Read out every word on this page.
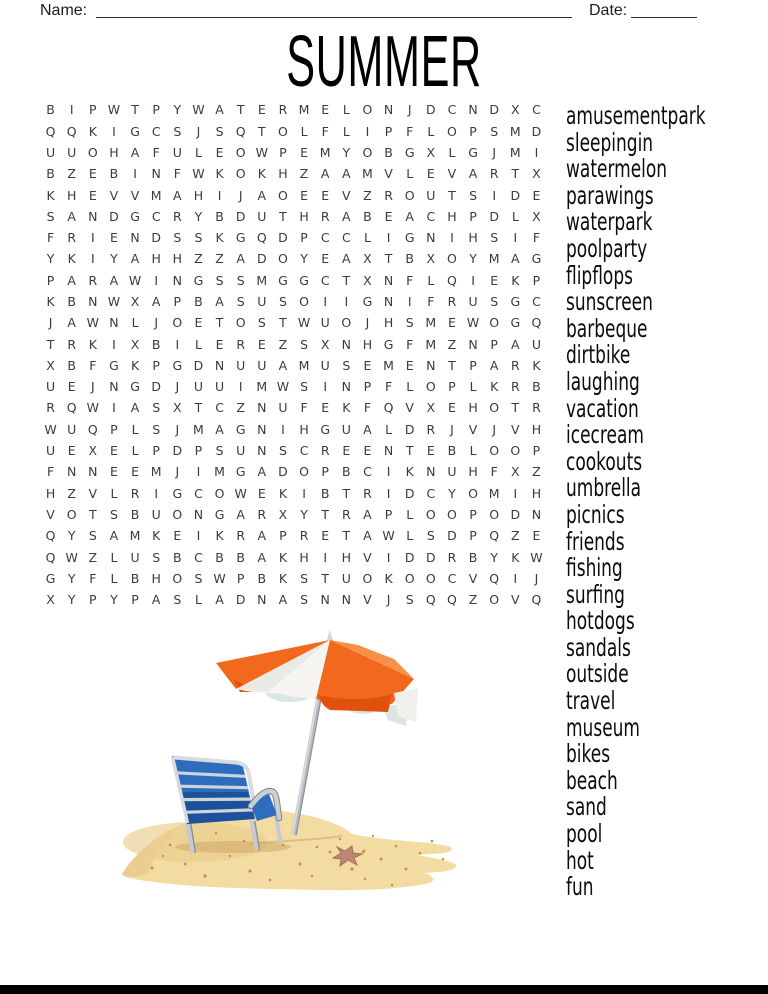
Name:	Date:
SUMMER
B	I	P W T	P	Y W A	T	E	R M E	L	O N	J	D C N D X C
Q Q K	I	G C	S	J	S Q T O	L	F	L	I	P	F	L	O P	S M D
U U O H A	F	U	L	E O W P	E M Y O B G X	L	G	J	M	I
B	Z	E	B	I	N	F W K O K H Z	A	A M V	L	E	V	A	R	T	X
K H E	V	V M A H	I	J	A O E	E	V	Z	R O U	T	S	I	D E
S	A N D G C R	Y	B D U	T	H R	A	B	E	A C H	P	D	L	X
F	R	I	E N D S	S	K G Q D	P	C C	L	I	G N	I	H S	I	F
Y	K	I	Y	A H H Z	Z	A D O Y	E	A	X	T	B	X O Y M A G
P	A	R	A W	I	N G S	S M G G C	T	X N	F	L	Q	I	E	K	P
K	B N W X	A	P	B	A	S	U	S O	I	I	G N	I	F	R U	S G C
J	A W N	L	J	O E	T O S	T W U O	J	H S M E W O G Q
T	R	K	I	X	B	I	L	E	R	E	Z	S	X N H G	F M Z N	P	A U
X	B	F	G K	P	G D N U U A M U	S	E M E N	T	P	A	R	K
U	E	J	N G D	J	U U	I	M W S	I	N	P	F	L	O P	L	K	R B
R Q W	I	A	S	X	T	C Z N U	F	E	K	F	Q V	X	E H O T	R
W U Q P	L	S	J	M A G N	I	H G U A	L	D R	J	V	J	V H
U	E	X	E	L	P	D	P	S	U N S	C R	E	E N	T	E	B	L	O O P
F	N N	E	E M	J	I	M G A D O P	B C	I	K N U H	F	X	Z
H Z	V	L	R	I	G C O W E	K	I	B	T	R	I	D C	Y O M	I	H
V O T	S	B U O N G A	R X	Y	T	R	A	P	L	O O P O D N
Q Y	S	A M K	E	I	K	R	A	P	R	E	T	A W L	S D	P Q Z	E
Q W Z	L	U	S	B C B	B	A	K H	I	H V	I	D D R B	Y	K W
G Y	F	L	B H O S W P	B	K	S	T	U O K O O C V Q	I	J
X	Y	P	Y	P	A	S	L	A D N A	S N N V	J	S Q Q Z O V Q
amusementpark
sleepingin
watermelon
parawings
waterpark
poolparty
flipflops
sunscreen
barbeque
dirtbike
laughing
vacation
icecream
cookouts
umbrella
picnics
friends
fishing
surfing
hotdogs
sandals
outside
travel
museum
bikes
beach
sand
pool
hot
fun
